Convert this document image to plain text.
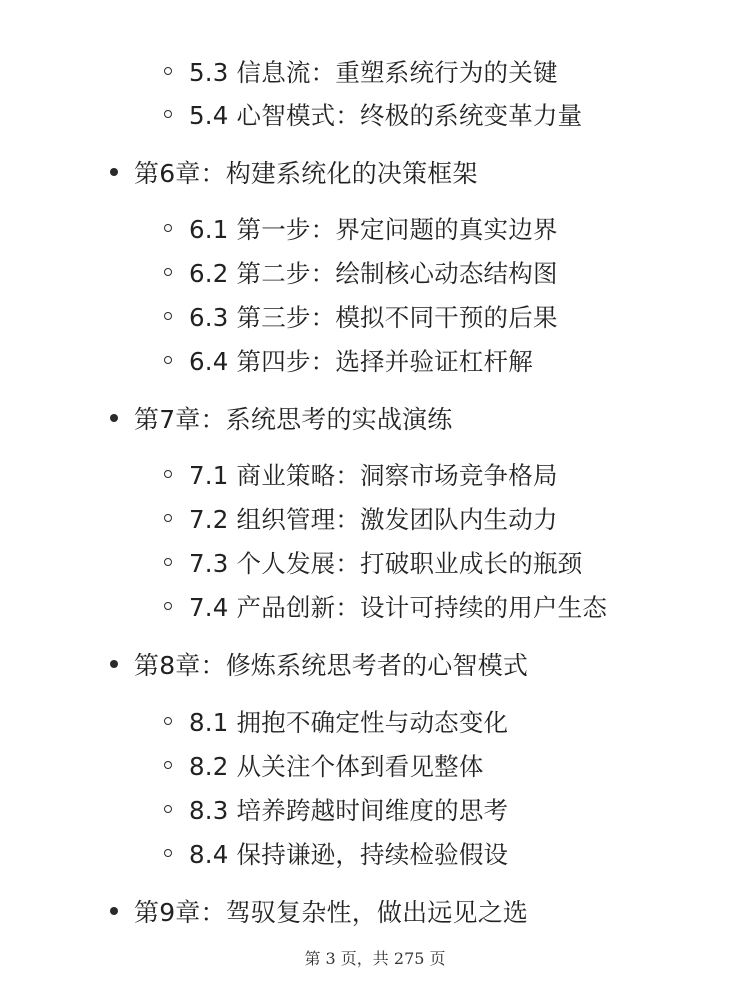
5.3 信息流：重塑系统行为的关键
5.4 心智模式：终极的系统变革力量
第6章：构建系统化的决策框架
6.1 第一步：界定问题的真实边界
6.2 第二步：绘制核心动态结构图
6.3 第三步：模拟不同干预的后果
6.4 第四步：选择并验证杠杆解
第7章：系统思考的实战演练
7.1 商业策略：洞察市场竞争格局
7.2 组织管理：激发团队内生动力
7.3 个人发展：打破职业成长的瓶颈
7.4 产品创新：设计可持续的用户生态
第8章：修炼系统思考者的心智模式
8.1 拥抱不确定性与动态变化
8.2 从关注个体到看见整体
8.3 培养跨越时间维度的思考
8.4 保持谦逊，持续检验假设
第9章：驾驭复杂性，做出远见之选
第 3 页，共 275 页
